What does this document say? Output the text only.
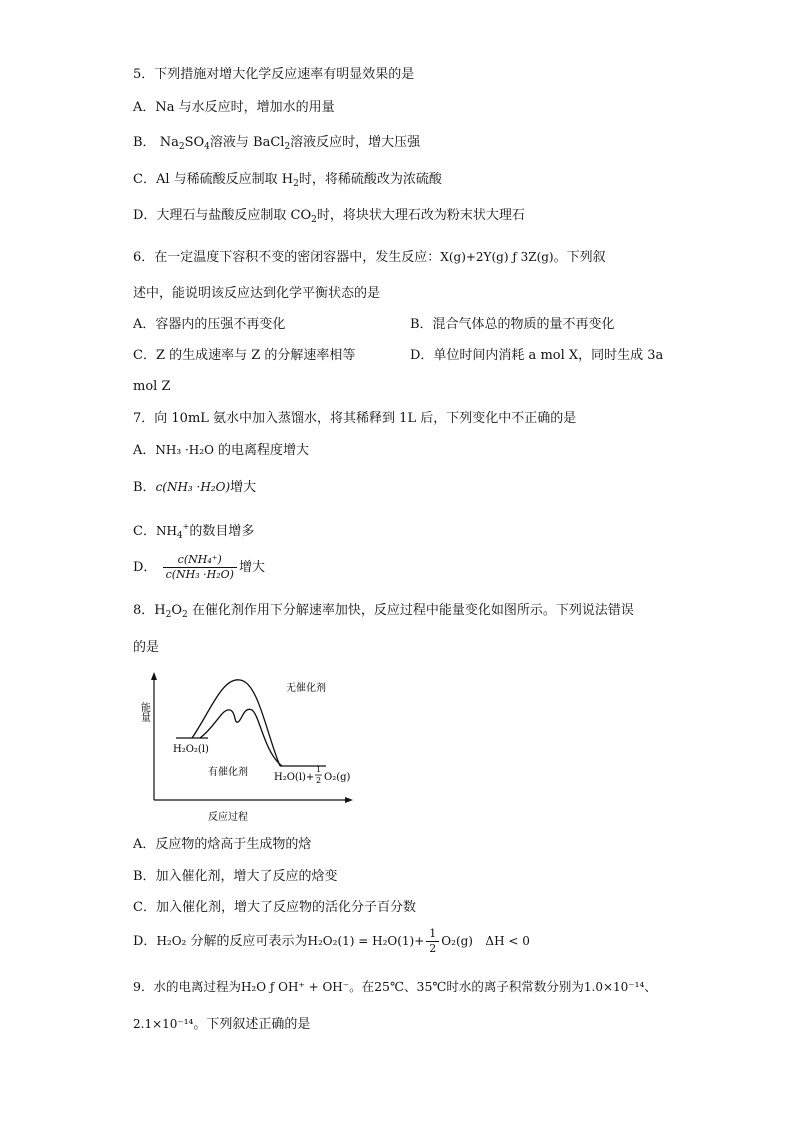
5．下列措施对增大化学反应速率有明显效果的是
A．Na 与水反应时，增加水的用量
B． $Na_2SO_4$溶液与 BaCl$_2$溶液反应时，增大压强
C．Al 与稀硫酸反应制取 $H_2$时，将稀硫酸改为浓硫酸
D．大理石与盐酸反应制取 $CO_2$时，将块状大理石改为粉末状大理石
6．在一定温度下容积不变的密闭容器中，发生反应：X(g)+2Y(g) ƒ 3Z(g)。下列叙
述中，能说明该反应达到化学平衡状态的是
A．容器内的压强不再变化	B．混合气体总的物质的量不再变化
C．Z 的生成速率与 Z 的分解速率相等	D．单位时间内消耗 a mol X，同时生成 3a
mol Z
7．向 10mL 氨水中加入蒸馏水，将其稀释到 1L 后，下列变化中不正确的是
A．NH₃ ·H₂O 的电离程度增大
B．c(NH₃ ·H₂O)增大
C．$NH_4^+$的数目增多
D． $\frac{\text{c(NH₄⁺)}}{\text{c(NH₃ ·H₂O)}}$ 增大
8．$H_2O_2$ 在催化剂作用下分解速率加快，反应过程中能量变化如图所示。下列说法错误
的是
能量
无催化剂
H₂O₂(l)
有催化剂	H₂O(l)+
1
2 O₂(g)
反应过程
A．反应物的焓高于生成物的焓
B．加入催化剂，增大了反应的焓变
C．加入催化剂，增大了反应物的活化分子百分数
D．H₂O₂ 分解的反应可表示为$H_2O_2(1) = H_2O(1)+ \frac{1}{2} O_2(g) \Delta H < 0$
9．水的电离过程为H₂O ƒ OH⁺ + OH⁻。在25℃、35℃时水的离子积常数分别为1.0×10⁻¹⁴、
2.1×10⁻¹⁴。下列叙述正确的是
